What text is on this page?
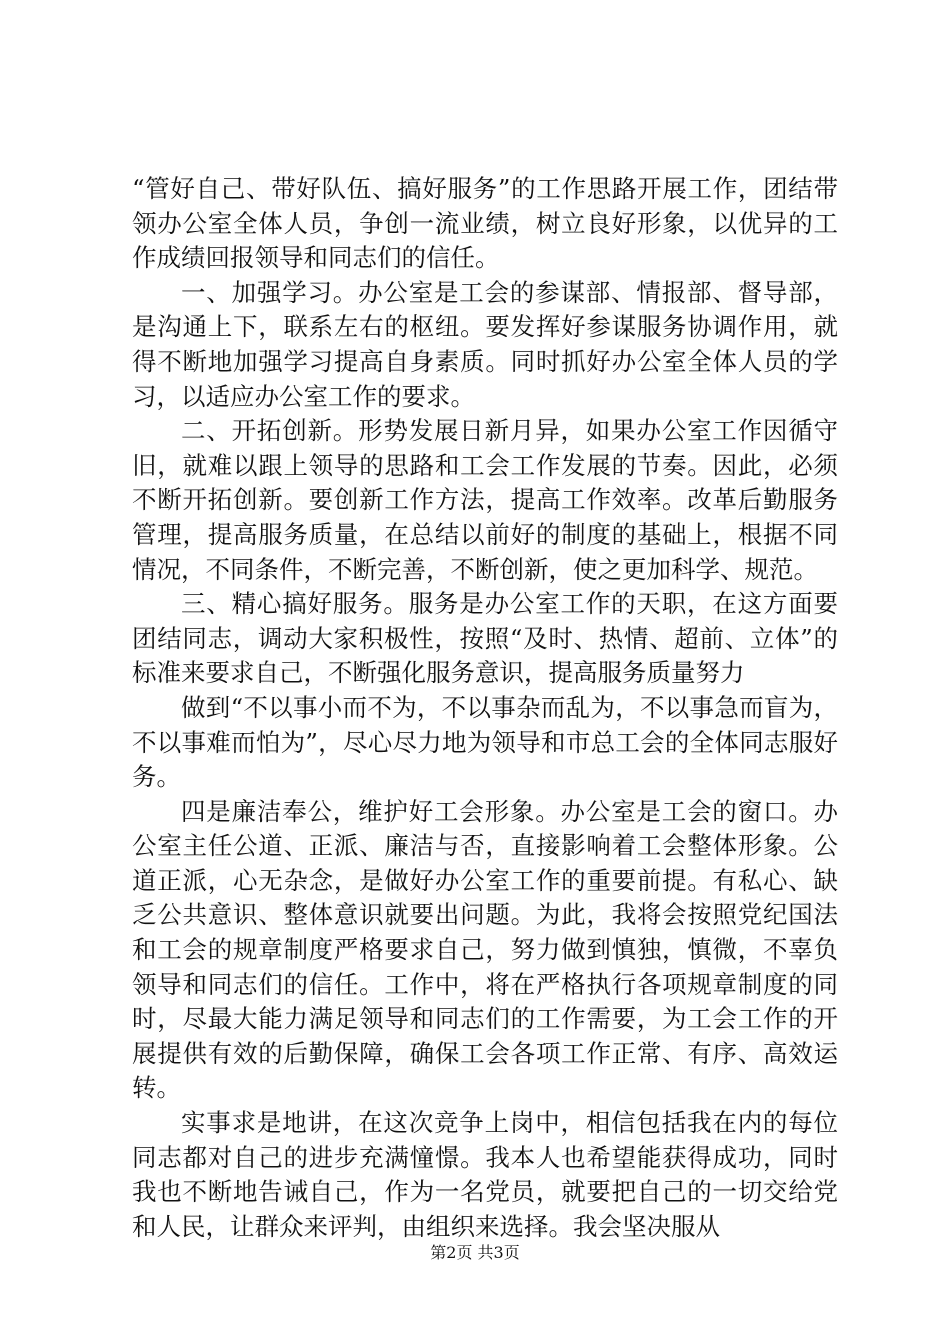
“管好自己、带好队伍、搞好服务”的工作思路开展工作，团结带领办公室全体人员，争创一流业绩，树立良好形象，以优异的工作成绩回报领导和同志们的信任。

一、加强学习。办公室是工会的参谋部、情报部、督导部，是沟通上下，联系左右的枢纽。要发挥好参谋服务协调作用，就得不断地加强学习提高自身素质。同时抓好办公室全体人员的学习，以适应办公室工作的要求。

二、开拓创新。形势发展日新月异，如果办公室工作因循守旧，就难以跟上领导的思路和工会工作发展的节奏。因此，必须不断开拓创新。要创新工作方法，提高工作效率。改革后勤服务管理，提高服务质量，在总结以前好的制度的基础上，根据不同情况，不同条件，不断完善，不断创新，使之更加科学、规范。

三、精心搞好服务。服务是办公室工作的天职，在这方面要团结同志，调动大家积极性，按照“及时、热情、超前、立体”的标准来要求自己，不断强化服务意识，提高服务质量努力

做到“不以事小而不为，不以事杂而乱为，不以事急而盲为，不以事难而怕为”，尽心尽力地为领导和市总工会的全体同志服好务。

四是廉洁奉公，维护好工会形象。办公室是工会的窗口。办公室主任公道、正派、廉洁与否，直接影响着工会整体形象。公道正派，心无杂念，是做好办公室工作的重要前提。有私心、缺乏公共意识、整体意识就要出问题。为此，我将会按照党纪国法和工会的规章制度严格要求自己，努力做到慎独，慎微，不辜负领导和同志们的信任。工作中，将在严格执行各项规章制度的同时，尽最大能力满足领导和同志们的工作需要，为工会工作的开展提供有效的后勤保障，确保工会各项工作正常、有序、高效运转。

实事求是地讲，在这次竞争上岗中，相信包括我在内的每位同志都对自己的进步充满憧憬。我本人也希望能获得成功，同时我也不断地告诫自己，作为一名党员，就要把自己的一切交给党和人民，让群众来评判，由组织来选择。我会坚决服从

第2页 共3页
